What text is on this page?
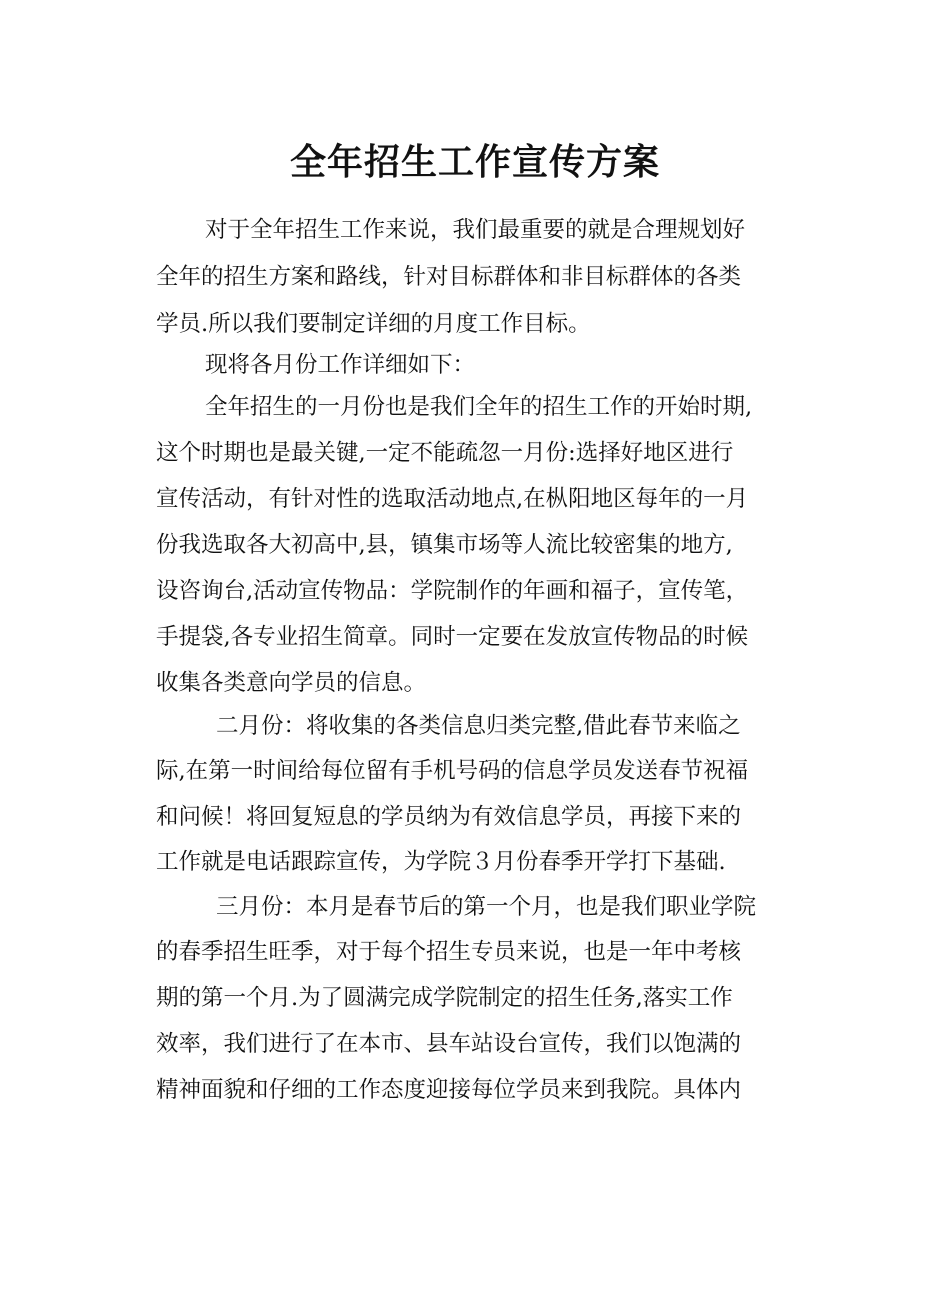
全年招生工作宣传方案
对于全年招生工作来说，我们最重要的就是合理规划好
全年的招生方案和路线，针对目标群体和非目标群体的各类
学员.所以我们要制定详细的月度工作目标。
现将各月份工作详细如下：
全年招生的一月份也是我们全年的招生工作的开始时期,
这个时期也是最关键,一定不能疏忽一月份:选择好地区进行
宣传活动，有针对性的选取活动地点,在枞阳地区每年的一月
份我选取各大初高中,县，镇集市场等人流比较密集的地方,
设咨询台,活动宣传物品：学院制作的年画和福子，宣传笔，
手提袋,各专业招生简章。同时一定要在发放宣传物品的时候
收集各类意向学员的信息。
二月份：将收集的各类信息归类完整,借此春节来临之
际,在第一时间给每位留有手机号码的信息学员发送春节祝福
和问候！将回复短息的学员纳为有效信息学员，再接下来的
工作就是电话跟踪宣传，为学院３月份春季开学打下基础.
三月份：本月是春节后的第一个月，也是我们职业学院
的春季招生旺季，对于每个招生专员来说，也是一年中考核
期的第一个月.为了圆满完成学院制定的招生任务,落实工作
效率，我们进行了在本市、县车站设台宣传，我们以饱满的
精神面貌和仔细的工作态度迎接每位学员来到我院。具体内
